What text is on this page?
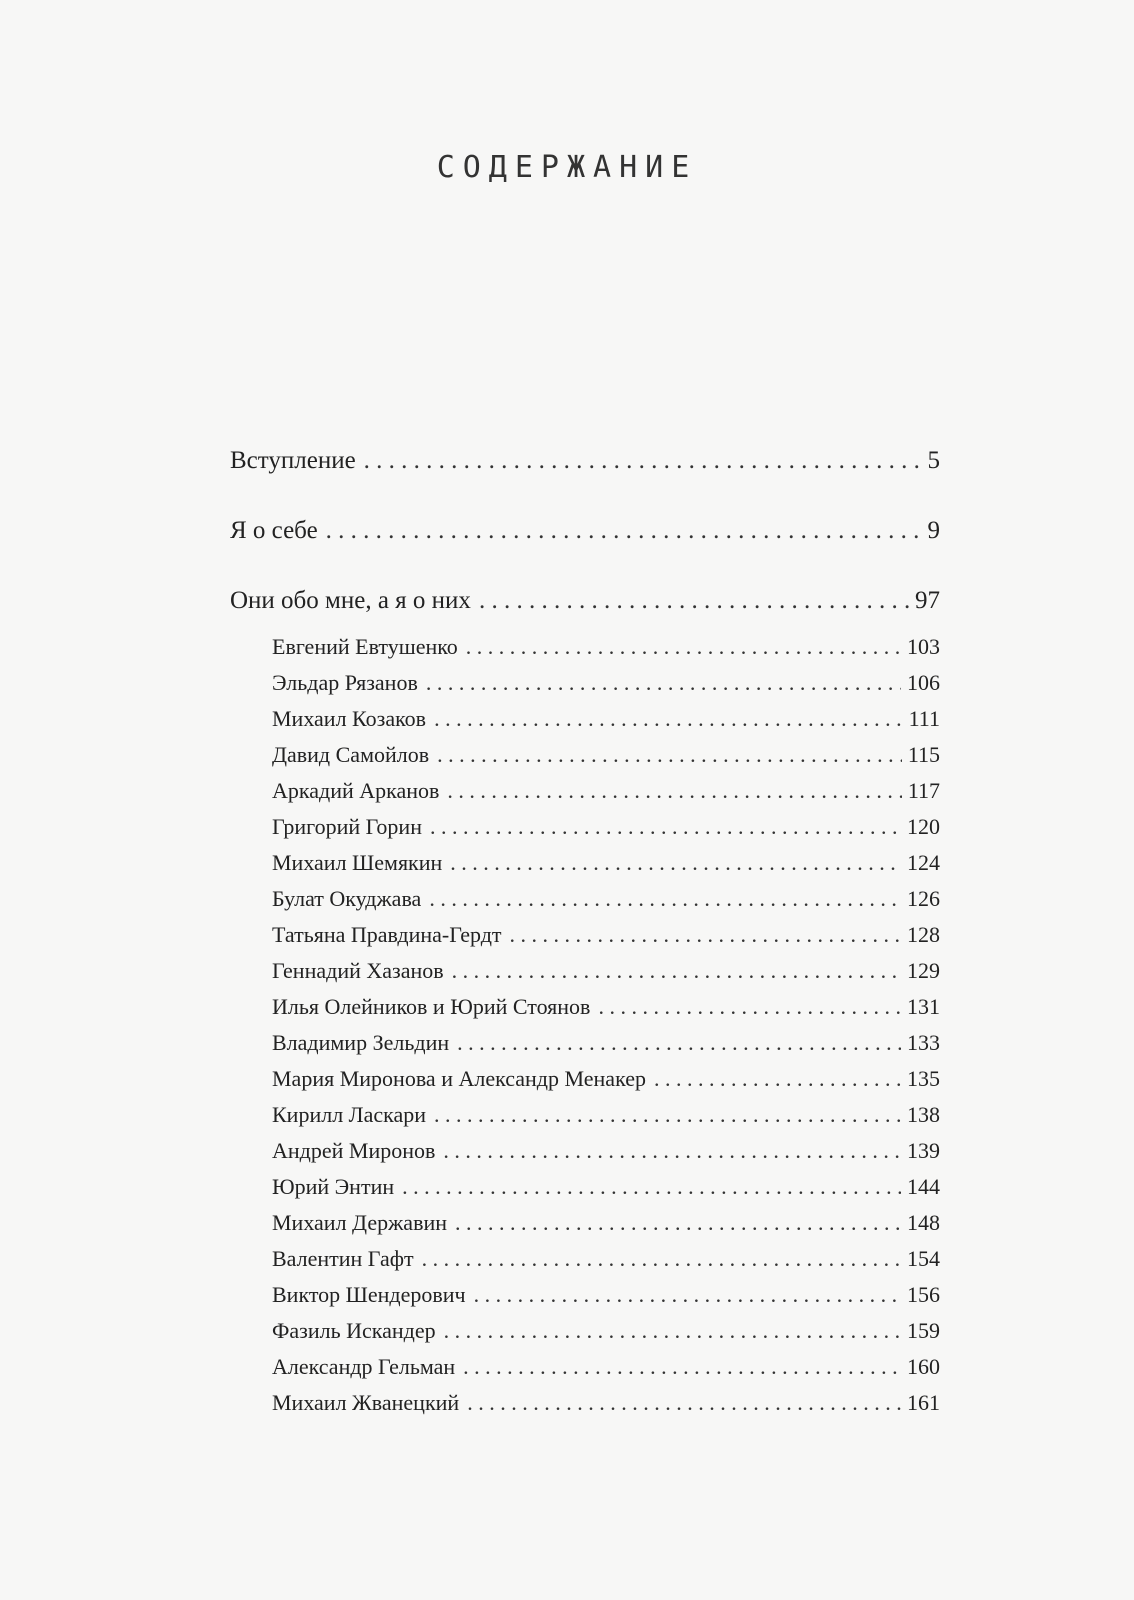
СОДЕРЖАНИЕ
Вступление . . .	5
Я о себе . . .	9
Они обо мне, а я о них . . .	97
Евгений Евтушенко . . .	103
Эльдар Рязанов . . .	106
Михаил Козаков . . .	111
Давид Самойлов . . .	115
Аркадий Арканов . . .	117
Григорий Горин . . .	120
Михаил Шемякин . . .	124
Булат Окуджава . . .	126
Татьяна Правдина-Гердт . . .	128
Геннадий Хазанов . . .	129
Илья Олейников и Юрий Стоянов . . .	131
Владимир Зельдин . . .	133
Мария Миронова и Александр Менакер . . .	135
Кирилл Ласкари . . .	138
Андрей Миронов . . .	139
Юрий Энтин . . .	144
Михаил Державин . . .	148
Валентин Гафт . . .	154
Виктор Шендерович . . .	156
Фазиль Искандер . . .	159
Александр Гельман . . .	160
Михаил Жванецкий . . .	161
